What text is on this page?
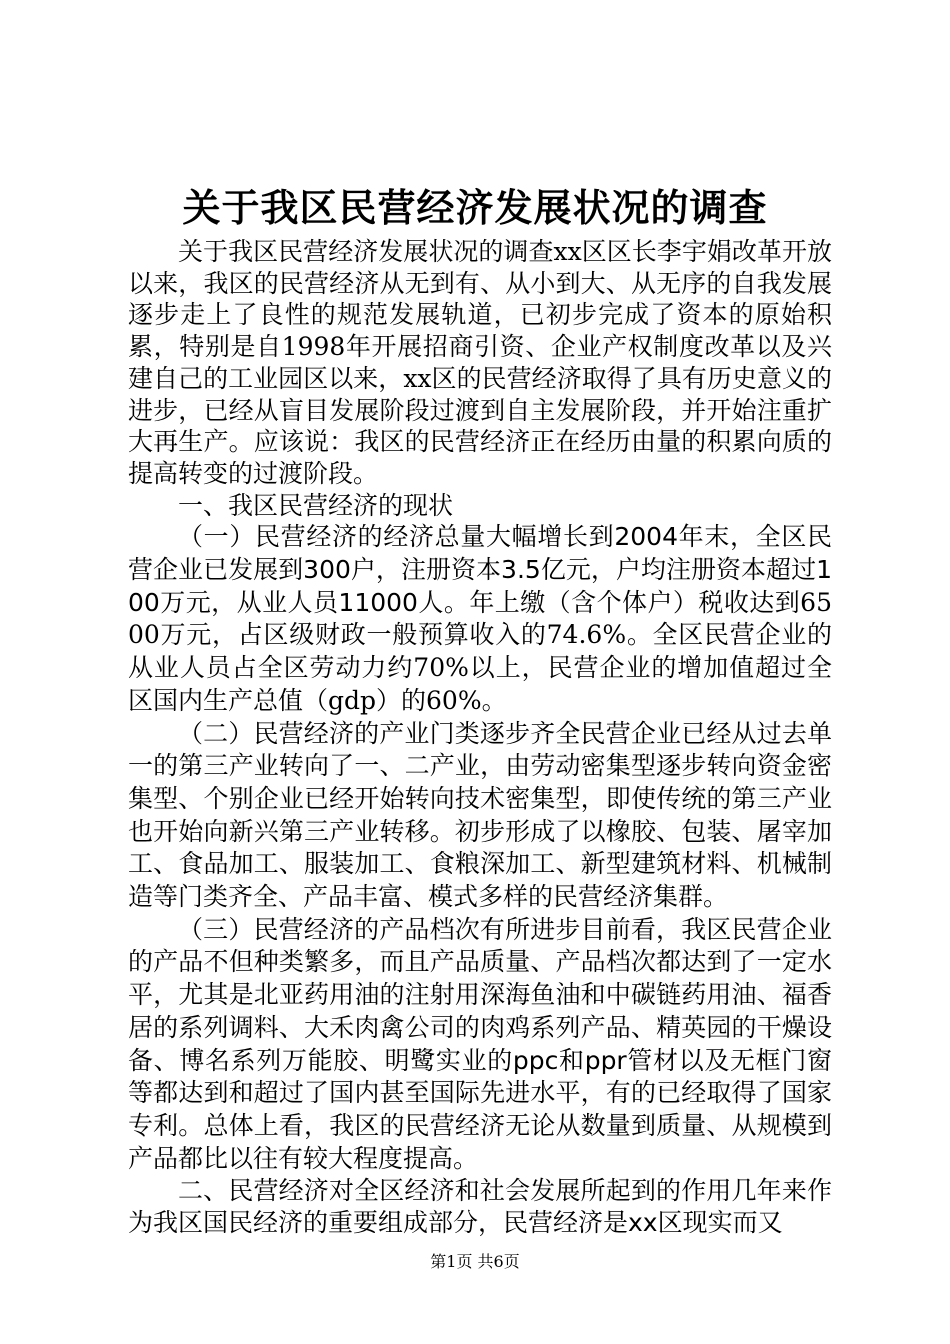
关于我区民营经济发展状况的调查

关于我区民营经济发展状况的调查xx区区长李宇娟改革开放以来，我区的民营经济从无到有、从小到大、从无序的自我发展逐步走上了良性的规范发展轨道，已初步完成了资本的原始积累，特别是自1998年开展招商引资、企业产权制度改革以及兴建自己的工业园区以来，xx区的民营经济取得了具有历史意义的进步，已经从盲目发展阶段过渡到自主发展阶段，并开始注重扩大再生产。应该说：我区的民营经济正在经历由量的积累向质的提高转变的过渡阶段。

一、我区民营经济的现状

（一）民营经济的经济总量大幅增长到2004年末，全区民营企业已发展到300户，注册资本3.5亿元，户均注册资本超过100万元，从业人员11000人。年上缴（含个体户）税收达到6500万元，占区级财政一般预算收入的74.6%。全区民营企业的从业人员占全区劳动力约70%以上，民营企业的增加值超过全区国内生产总值（gdp）的60%。

（二）民营经济的产业门类逐步齐全民营企业已经从过去单一的第三产业转向了一、二产业，由劳动密集型逐步转向资金密集型、个别企业已经开始转向技术密集型，即使传统的第三产业也开始向新兴第三产业转移。初步形成了以橡胶、包装、屠宰加工、食品加工、服装加工、食粮深加工、新型建筑材料、机械制造等门类齐全、产品丰富、模式多样的民营经济集群。

（三）民营经济的产品档次有所进步目前看，我区民营企业的产品不但种类繁多，而且产品质量、产品档次都达到了一定水平，尤其是北亚药用油的注射用深海鱼油和中碳链药用油、福香居的系列调料、大禾肉禽公司的肉鸡系列产品、精英园的干燥设备、博名系列万能胶、明鹭实业的ppc和ppr管材以及无框门窗等都达到和超过了国内甚至国际先进水平，有的已经取得了国家专利。总体上看，我区的民营经济无论从数量到质量、从规模到产品都比以往有较大程度提高。

二、民营经济对全区经济和社会发展所起到的作用几年来作为我区国民经济的重要组成部分，民营经济是xx区现实而又

第1页 共6页
